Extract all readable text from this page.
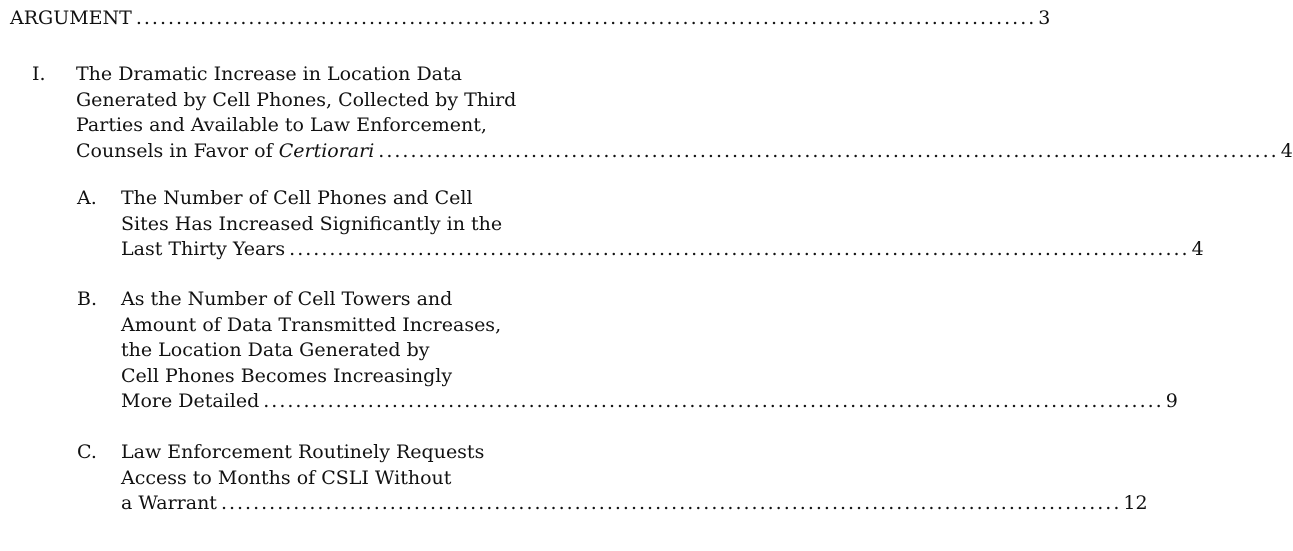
ARGUMENT ................................................................................................................ 3
I. The Dramatic Increase in Location Data
Generated by Cell Phones, Collected by Third
Parties and Available to Law Enforcement,
Counsels in Favor of Certiorari ................................................................................................................ 4
A. The Number of Cell Phones and Cell
Sites Has Increased Significantly in the
Last Thirty Years ................................................................................................................ 4
B. As the Number of Cell Towers and
Amount of Data Transmitted Increases,
the Location Data Generated by
Cell Phones Becomes Increasingly
More Detailed ................................................................................................................ 9
C. Law Enforcement Routinely Requests
Access to Months of CSLI Without
a Warrant ................................................................................................................ 12
